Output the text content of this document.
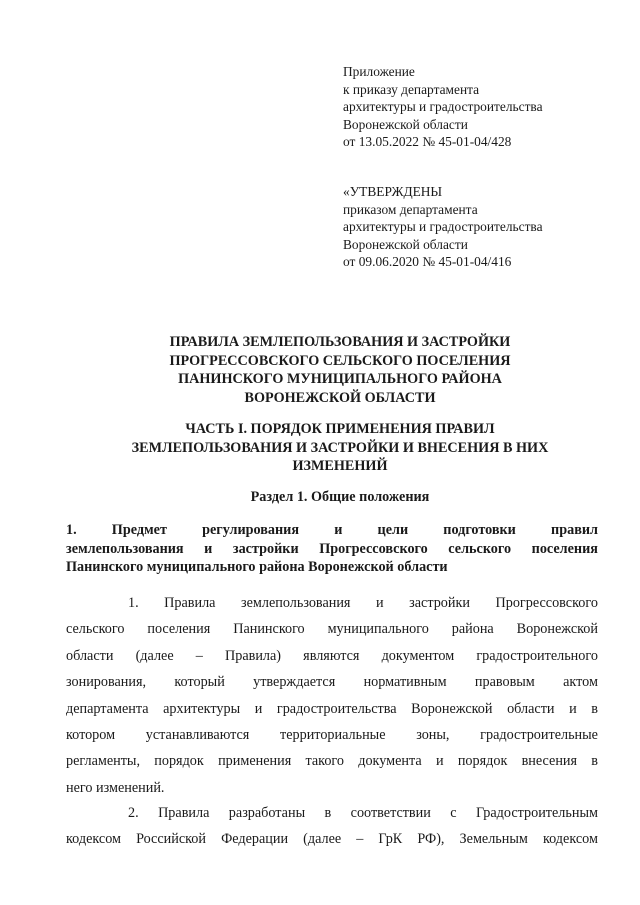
Приложение
к приказу департамента
архитектуры и градостроительства
Воронежской области
от 13.05.2022 № 45-01-04/428
«УТВЕРЖДЕНЫ
приказом департамента
архитектуры и градостроительства
Воронежской области
от 09.06.2020 № 45-01-04/416
ПРАВИЛА ЗЕМЛЕПОЛЬЗОВАНИЯ И ЗАСТРОЙКИ
ПРОГРЕССОВСКОГО СЕЛЬСКОГО ПОСЕЛЕНИЯ
ПАНИНСКОГО МУНИЦИПАЛЬНОГО РАЙОНА
ВОРОНЕЖСКОЙ ОБЛАСТИ
ЧАСТЬ I. ПОРЯДОК ПРИМЕНЕНИЯ ПРАВИЛ
ЗЕМЛЕПОЛЬЗОВАНИЯ И ЗАСТРОЙКИ И ВНЕСЕНИЯ В НИХ
ИЗМЕНЕНИЙ
Раздел 1. Общие положения
1. Предмет регулирования и цели подготовки правил
землепользования и застройки Прогрессовского сельского поселения
Панинского муниципального района Воронежской области
1. Правила землепользования и застройки Прогрессовского
сельского поселения Панинского муниципального района Воронежской
области (далее – Правила) являются документом градостроительного
зонирования, который утверждается нормативным правовым актом
департамента архитектуры и градостроительства Воронежской области и в
котором устанавливаются территориальные зоны, градостроительные
регламенты, порядок применения такого документа и порядок внесения в
него изменений.
2. Правила разработаны в соответствии с Градостроительным
кодексом Российской Федерации (далее – ГрК РФ), Земельным кодексом
